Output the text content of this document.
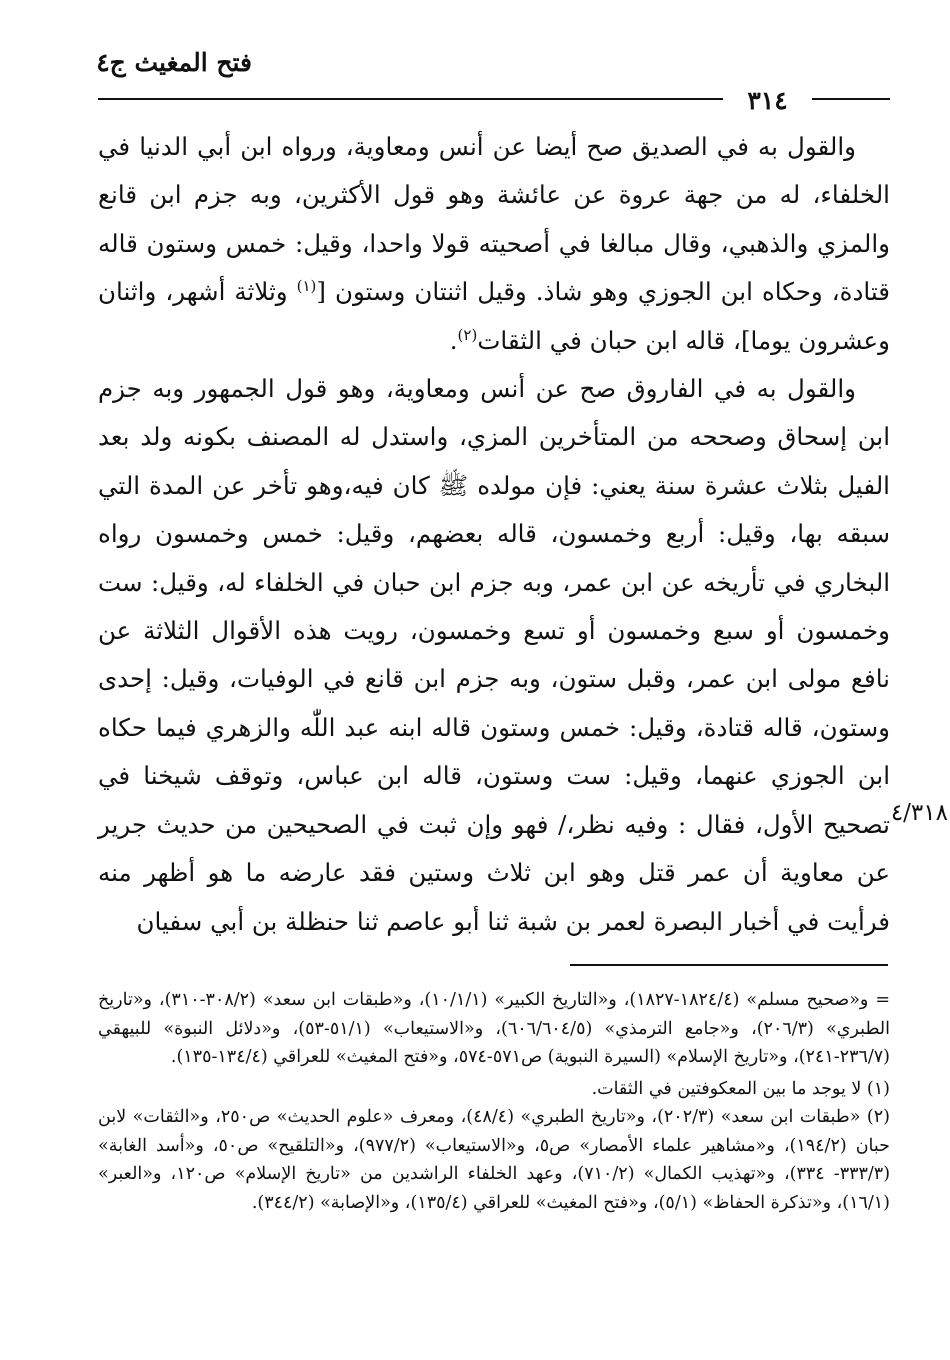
فتح المغيث ج٤
٣١٤

والقول به في الصديق صح أيضا عن أنس ومعاوية، ورواه ابن أبي الدنيا في الخلفاء، له من جهة عروة عن عائشة وهو قول الأكثرين، وبه جزم ابن قانع والمزي والذهبي، وقال مبالغا في أصحيته قولا واحدا، وقيل: خمس وستون قاله قتادة، وحكاه ابن الجوزي وهو شاذ. وقيل اثنتان وستون [$^{(١)}$ وثلاثة أشهر، واثنان وعشرون يوما]، قاله ابن حبان في الثقات$^{(٢)}$.

والقول به في الفاروق صح عن أنس ومعاوية، وهو قول الجمهور وبه جزم ابن إسحاق وصححه من المتأخرين المزي، واستدل له المصنف بكونه ولد بعد الفيل بثلاث عشرة سنة يعني: فإن مولده ﷺ كان فيه،وهو تأخر عن المدة التي سبقه بها، وقيل: أربع وخمسون، قاله بعضهم، وقيل: خمس وخمسون رواه البخاري في تأريخه عن ابن عمر، وبه جزم ابن حبان في الخلفاء له، وقيل: ست وخمسون أو سبع وخمسون أو تسع وخمسون، رويت هذه الأقوال الثلاثة عن نافع مولى ابن عمر، وقبل ستون، وبه جزم ابن قانع في الوفيات، وقيل: إحدى وستون، قاله قتادة، وقيل: خمس وستون قاله ابنه عبد اللّٰه والزهري فيما حكاه ابن الجوزي عنهما، وقيل: ست وستون، قاله ابن عباس، وتوقف شيخنا في تصحيح الأول، فقال : وفيه نظر،/ فهو وإن ثبت في الصحيحين من حديث جرير عن معاوية أن عمر قتل وهو ابن ثلاث وستين فقد عارضه ما هو أظهر منه فرأيت في أخبار البصرة لعمر بن شبة ثنا أبو عاصم ثنا حنظلة بن أبي سفيان

٤/٣١٨

= و«صحيح مسلم» (١٨٢٤/٤-١٨٢٧)، و«التاريخ الكبير» (١٠/١/١)، و«طبقات ابن سعد» (٣٠٨/٢-٣١٠)، و«تاريخ الطبري» (٢٠٦/٣)، و«جامع الترمذي» (٦٠٦/٦٠٤/٥)، و«الاستيعاب» (٥١/١-٥٣)، و«دلائل النبوة» للبيهقي (٢٣٦/٧-٢٤١)، و«تاريخ الإسلام» (السيرة النبوية) ص٥٧١-٥٧٤، و«فتح المغيث» للعراقي (١٣٤/٤-١٣٥).

(١) لا يوجد ما بين المعكوفتين في الثقات.

(٢) «طبقات ابن سعد» (٢٠٢/٣)، و«تاريخ الطبري» (٤٨/٤)، ومعرف «علوم الحديث» ص٢٥٠، و«الثقات» لابن حبان (١٩٤/٢)، و«مشاهير علماء الأمصار» ص٥، و«الاستيعاب» (٩٧٧/٢)، و«التلقيح» ص٥٠، و«أسد الغابة» (٣٣٣/٣- ٣٣٤)، و«تهذيب الكمال» (٧١٠/٢)، وعهد الخلفاء الراشدين من «تاريخ الإسلام» ص١٢٠، و«العبر» (١٦/١)، و«تذكرة الحفاظ» (٥/١)، و«فتح المغيث» للعراقي (١٣٥/٤)، و«الإصابة» (٣٤٤/٢).
